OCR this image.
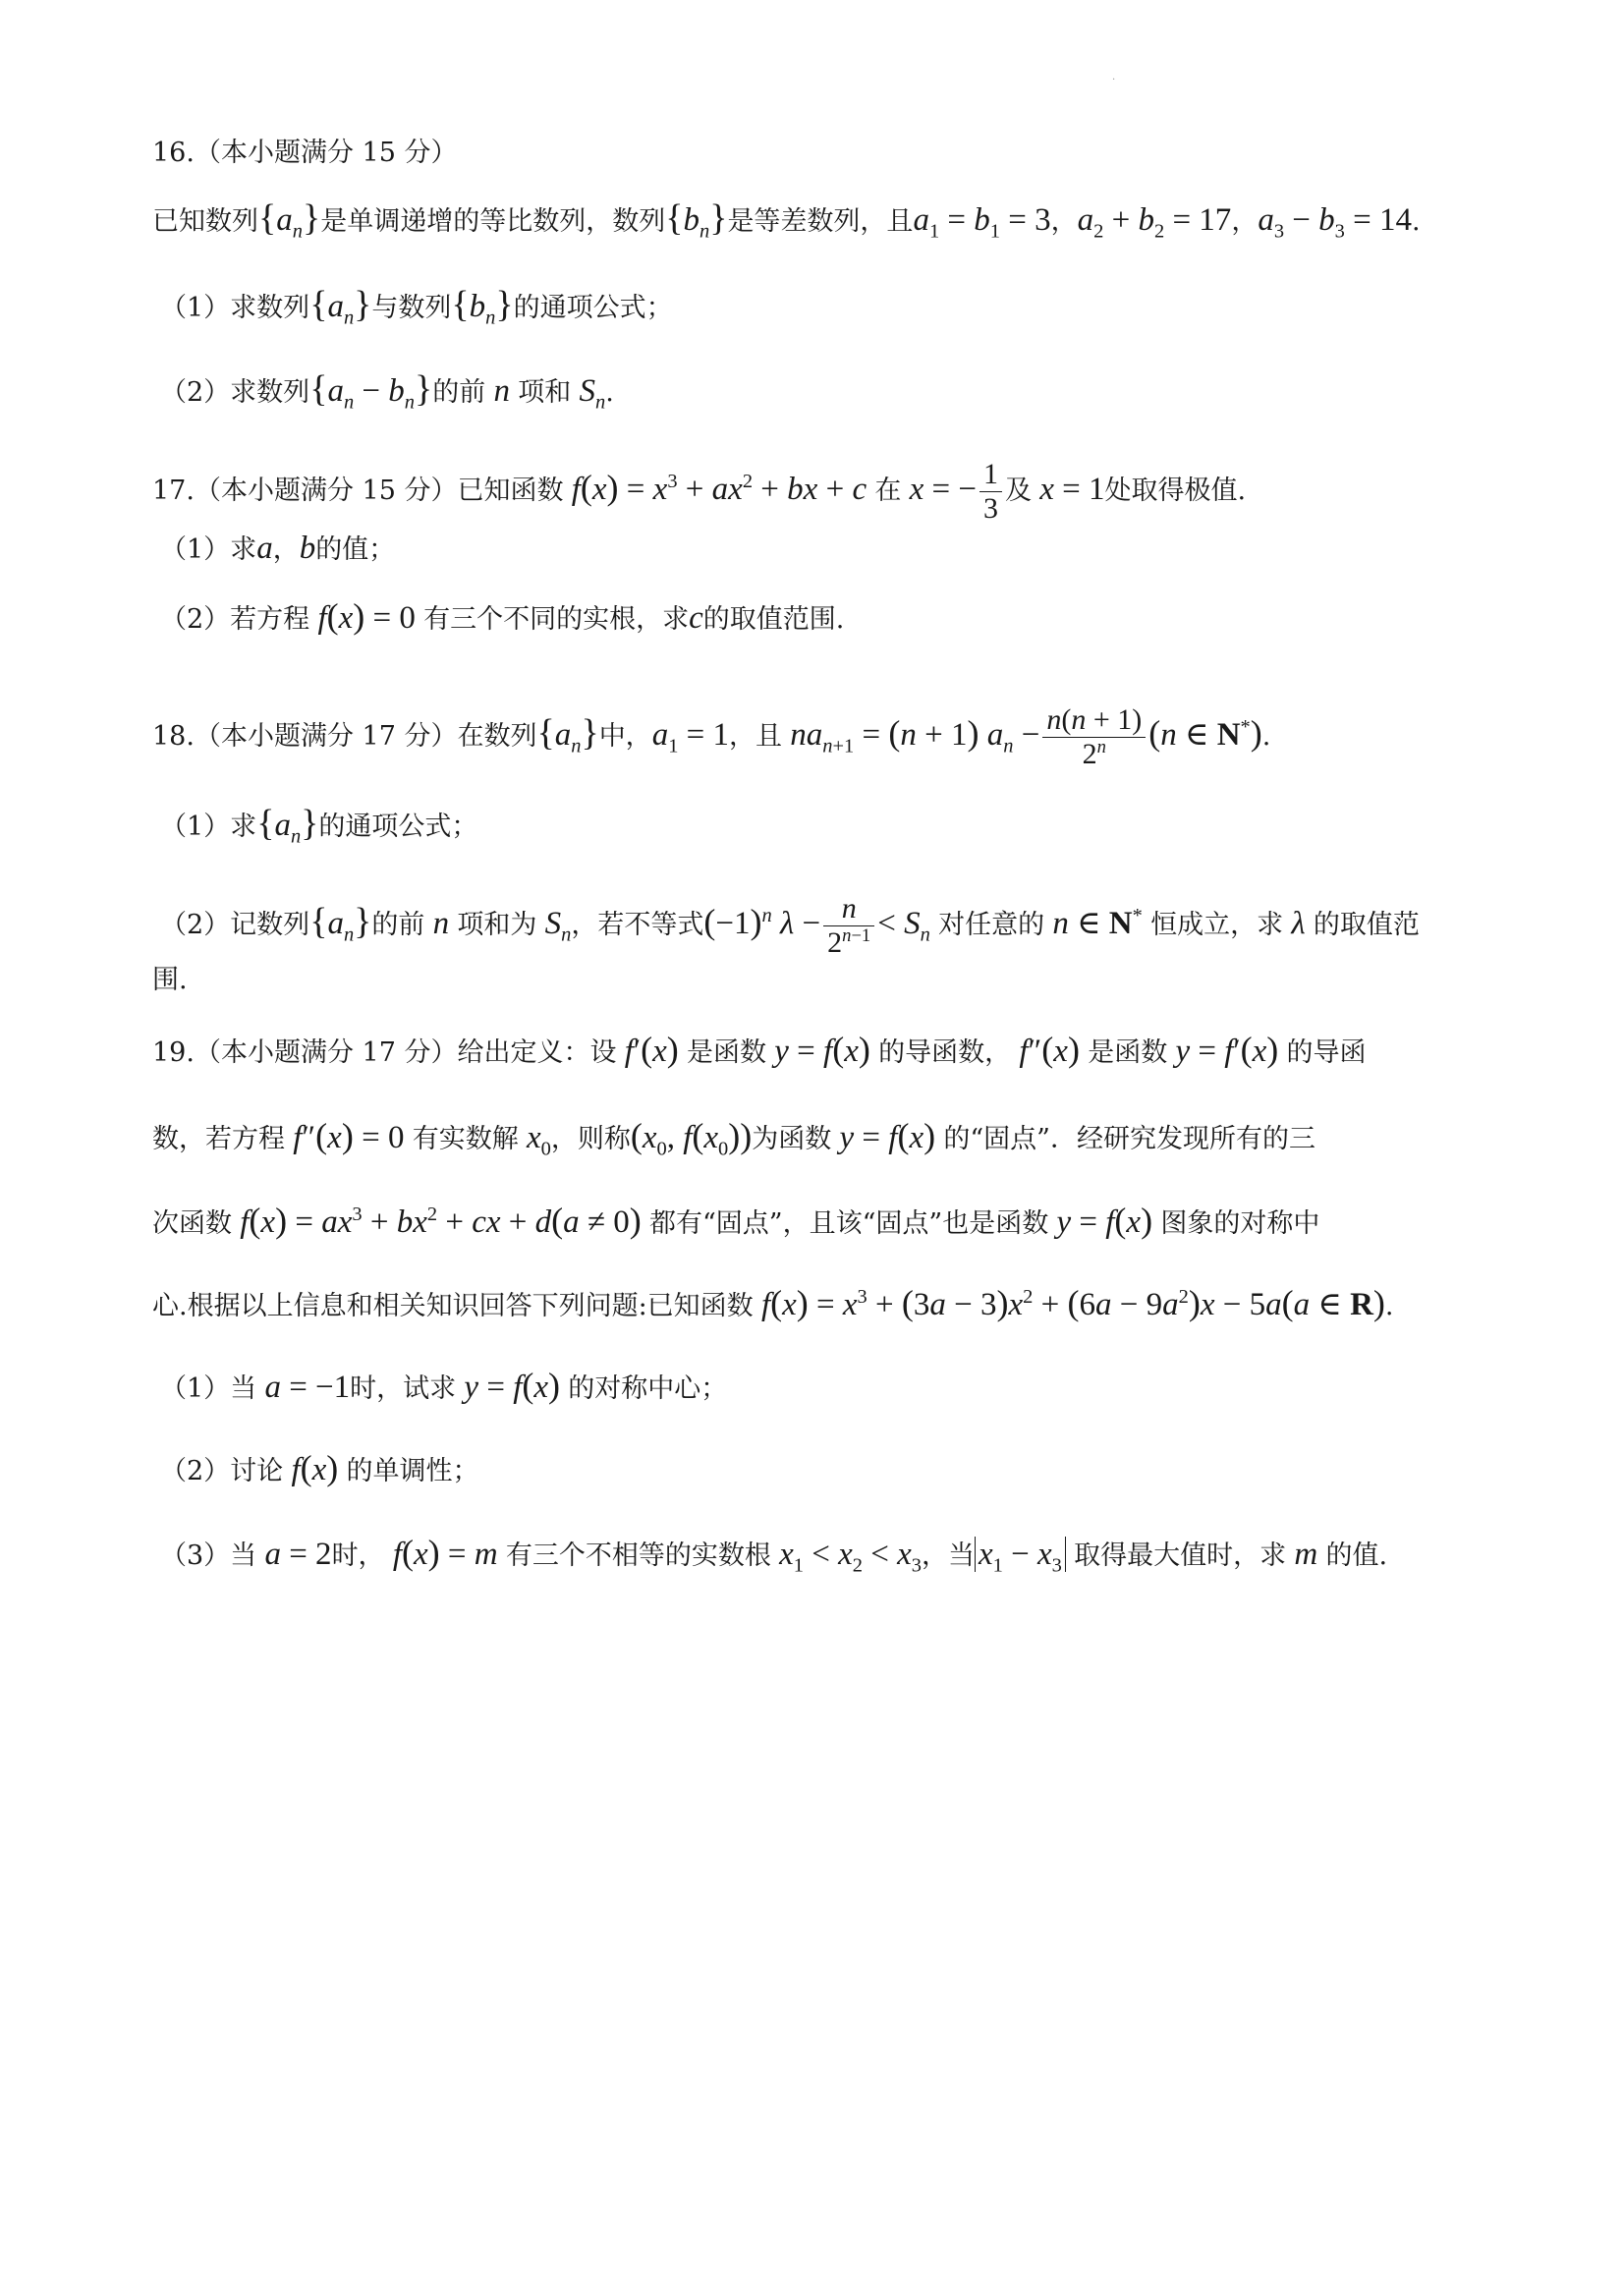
·
16.（本小题满分 15 分）
已知数列$\{a_n\}$是单调递增的等比数列，数列$\{b_n\}$是等差数列，且$a_1 = b_1 = 3$，$a_2 + b_2 = 17$，$a_3 - b_3 = 14$.
（1）求数列$\{a_n\}$与数列$\{b_n\}$的通项公式；
（2）求数列$\{a_n - b_n\}$的前 n 项和 $S_n$.
17.（本小题满分 15 分）已知函数 $f(x) = x^3 + ax^2$ + bx + c 在 x = − $\frac{1}{3}$ 及 x = 1处取得极值.
（1）求a，b的值；
（2）若方程 f(x) = 0 有三个不同的实根，求c的取值范围.
18.（本小题满分 17 分）在数列$\{a_n\}$中，$a_1 = 1$，且 $na_{n+1} = (n + 1) a_n - \frac{n(n + 1)}{2^n} (n$ ∈ N*).
（1）求$\{a_n\}$的通项公式；
（2）记数列$\{a_n\}$的前 n 项和为 $S_n$，若不等式$(-1)^n$ $\lambda - \frac{n}{2^{n-1}} < S_n$ 对任意的 n ∈ N* 恒成立，求 λ 的取值范
围.
19.（本小题满分 17 分）给出定义：设 f′(x) 是函数 y = f(x) 的导函数， f″(x) 是函数 y = f′(x) 的导函
数，若方程 f″(x) = 0 有实数解 $x_0$，则称($x_0$, $f(x_0)$)为函数 y = f(x) 的“固点”．经研究发现所有的三
次函数 $f(x) = ax^3 + bx^2$ + cx + d(a ≠ 0) 都有“固点”，且该“固点”也是函数 y = f(x) 图象的对称中
心.根据以上信息和相关知识回答下列问题:已知函数 $f(x) = x^3 + (3a - 3)x^2 + (6a - 9a^2)x - 5a(a$ ∈ R).
（1）当 a = −1时，试求 y = f(x) 的对称中心；
（2）讨论 f(x) 的单调性；
（3）当 a = 2时， f(x) = m 有三个不相等的实数根 $x_1 < x_2 < x_3$，当 $x_1 - x_3$ 取得最大值时，求 m 的值.
